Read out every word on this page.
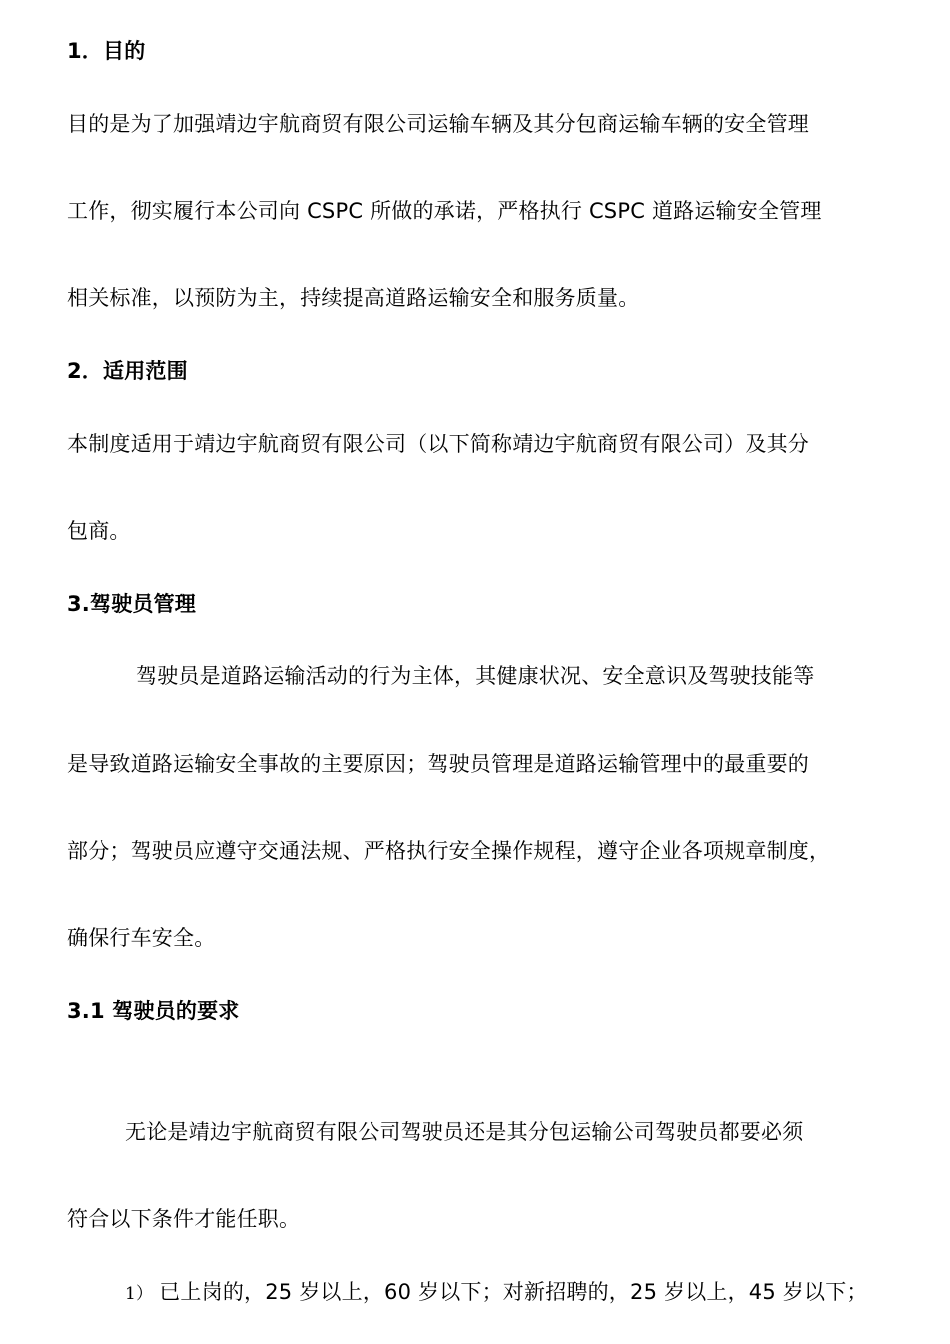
1．目的
目的是为了加强靖边宇航商贸有限公司运输车辆及其分包商运输车辆的安全管理
工作，彻实履行本公司向 CSPC 所做的承诺，严格执行 CSPC 道路运输安全管理
相关标准，以预防为主，持续提高道路运输安全和服务质量。
2．适用范围
本制度适用于靖边宇航商贸有限公司（以下简称靖边宇航商贸有限公司）及其分
包商。
3.驾驶员管理
驾驶员是道路运输活动的行为主体，其健康状况、安全意识及驾驶技能等
是导致道路运输安全事故的主要原因；驾驶员管理是道路运输管理中的最重要的
部分；驾驶员应遵守交通法规、严格执行安全操作规程，遵守企业各项规章制度，
确保行车安全。
3.1 驾驶员的要求
无论是靖边宇航商贸有限公司驾驶员还是其分包运输公司驾驶员都要必须
符合以下条件才能任职。
1） 已上岗的，25 岁以上，60 岁以下；对新招聘的，25 岁以上，45 岁以下；
